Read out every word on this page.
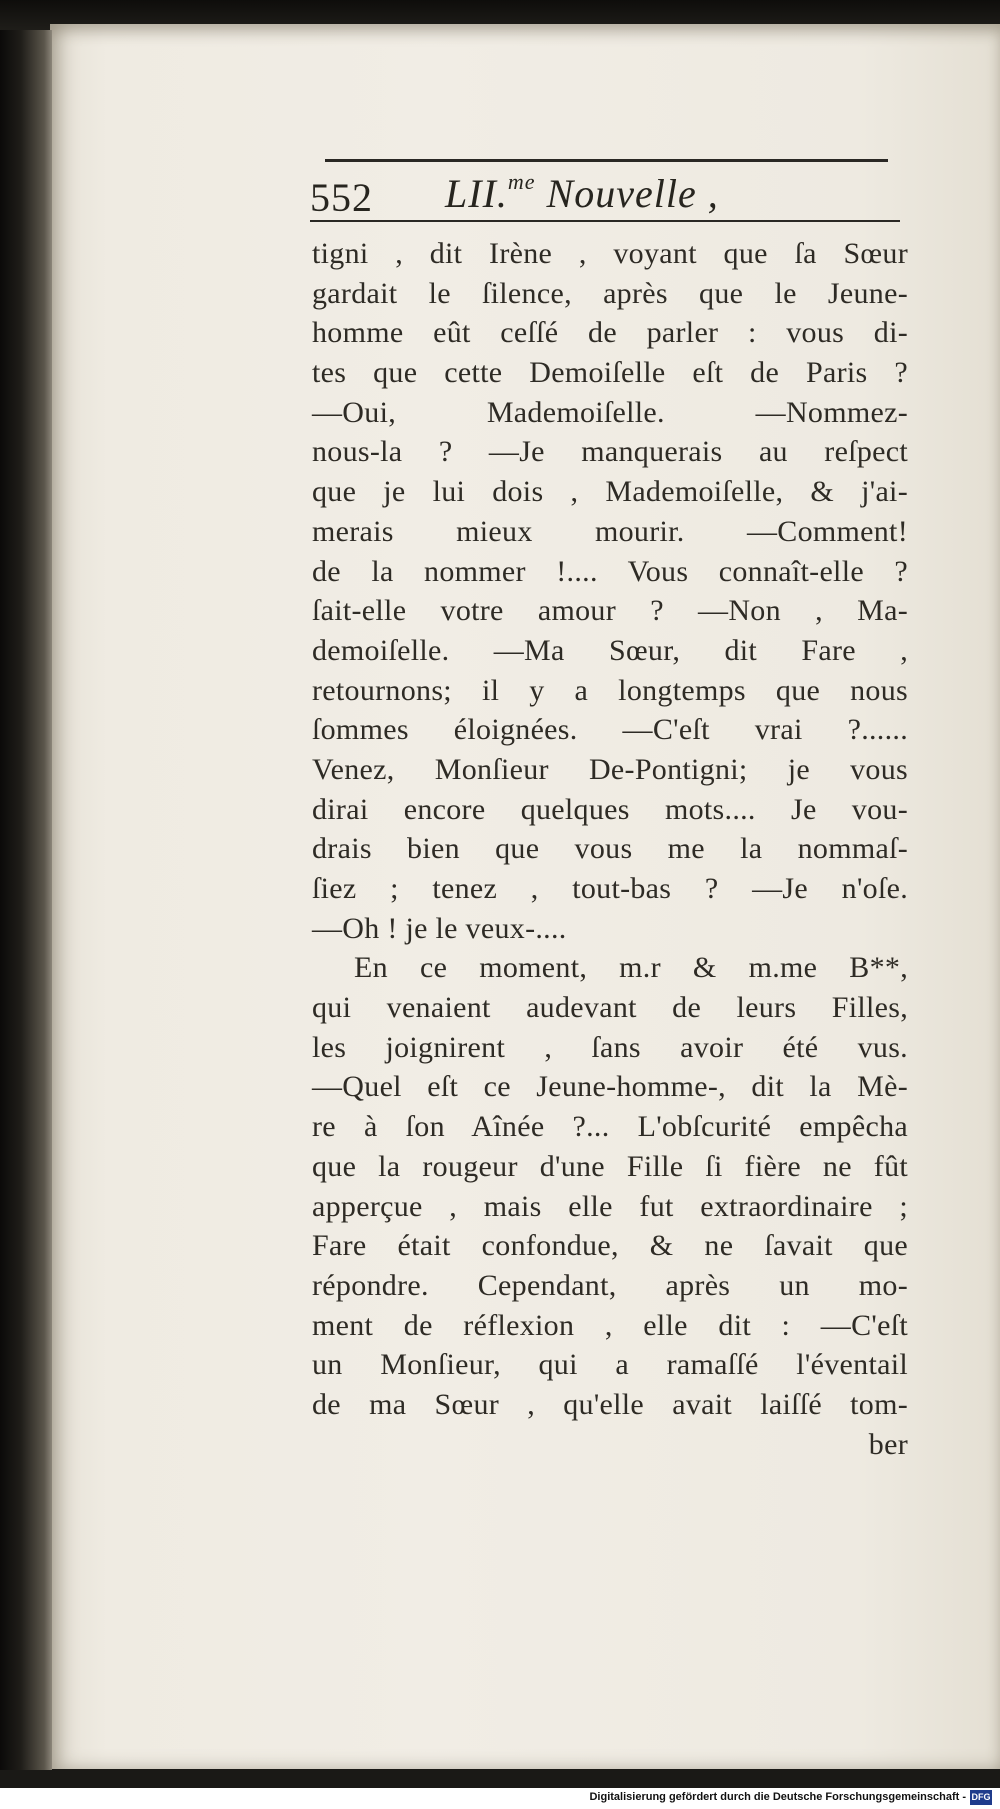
552 LII.$^{me}$ Nouvelle ,
tigni , dit Irène , voyant que ſa Sœur
gardait le ſilence, après que le Jeune-
homme eût ceſſé de parler : vous di-
tes que cette Demoiſelle eſt de Paris ?
—Oui, Mademoiſelle. —Nommez-
nous-la ? —Je manquerais au reſpect
que je lui dois , Mademoiſelle, & j'ai-
merais mieux mourir. —Comment!
de la nommer !.... Vous connaît-elle ?
ſait-elle votre amour ? —Non , Ma-
demoiſelle. —Ma Sœur, dit Fare ,
retournons; il y a longtemps que nous
ſommes éloignées. —C'eſt vrai ?......
Venez, Monſieur De-Pontigni; je vous
dirai encore quelques mots.... Je vou-
drais bien que vous me la nommaſ-
ſiez ; tenez , tout-bas ? —Je n'oſe.
—Oh ! je le veux-....
En ce moment, m.r & m.me B**,
qui venaient audevant de leurs Filles,
les joignirent , ſans avoir été vus.
—Quel eſt ce Jeune-homme-, dit la Mè-
re à ſon Aînée ?... L'obſcurité empêcha
que la rougeur d'une Fille ſi fière ne fût
apperçue , mais elle fut extraordinaire ;
Fare était confondue, & ne ſavait que
répondre. Cependant, après un mo-
ment de réflexion , elle dit : —C'eſt
un Monſieur, qui a ramaſſé l'éventail
de ma Sœur , qu'elle avait laiſſé tom-
ber
Digitalisierung gefördert durch die Deutsche Forschungsgemeinschaft - DFG
